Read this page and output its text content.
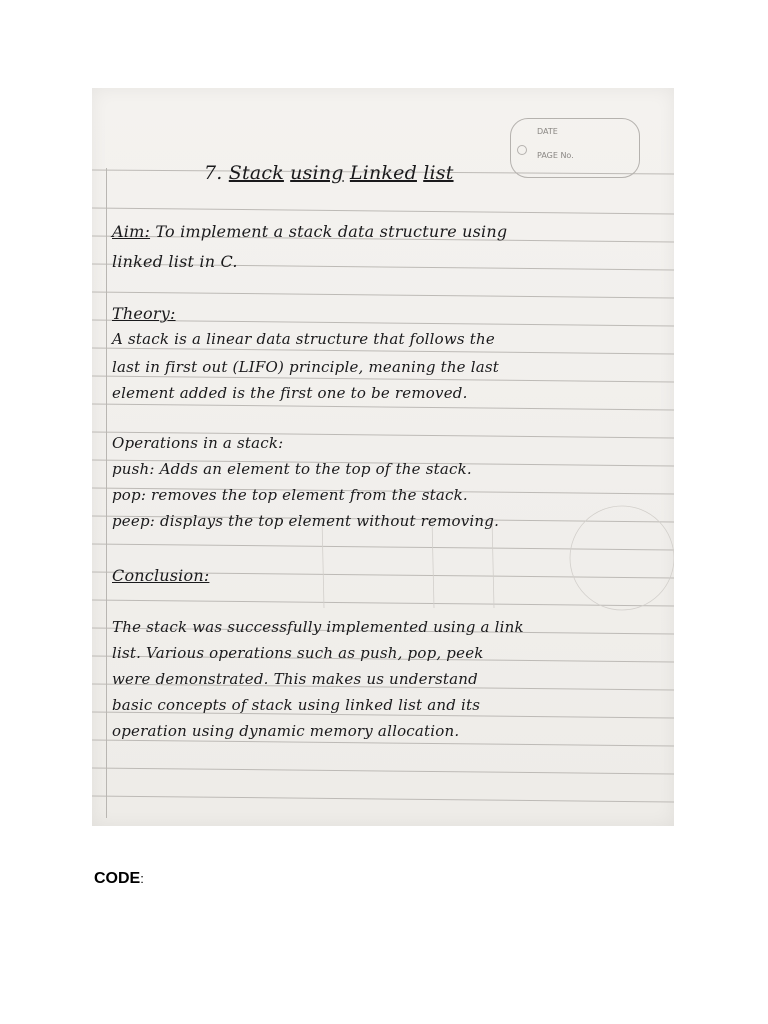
DATE
PAGE No.
7. Stack using Linked list
Aim: To implement a stack data structure using
linked list in C.
Theory:
A stack is a linear data structure that follows the
last in first out (LIFO) principle, meaning the last
element added is the first one to be removed.
Operations in a stack:
push: Adds an element to the top of the stack.
pop: removes the top element from the stack.
peep: displays the top element without removing.
Conclusion:
The stack was successfully implemented using a link
list. Various operations such as push, pop, peek
were demonstrated. This makes us understand
basic concepts of stack using linked list and its
operation using dynamic memory allocation.
CODE:
